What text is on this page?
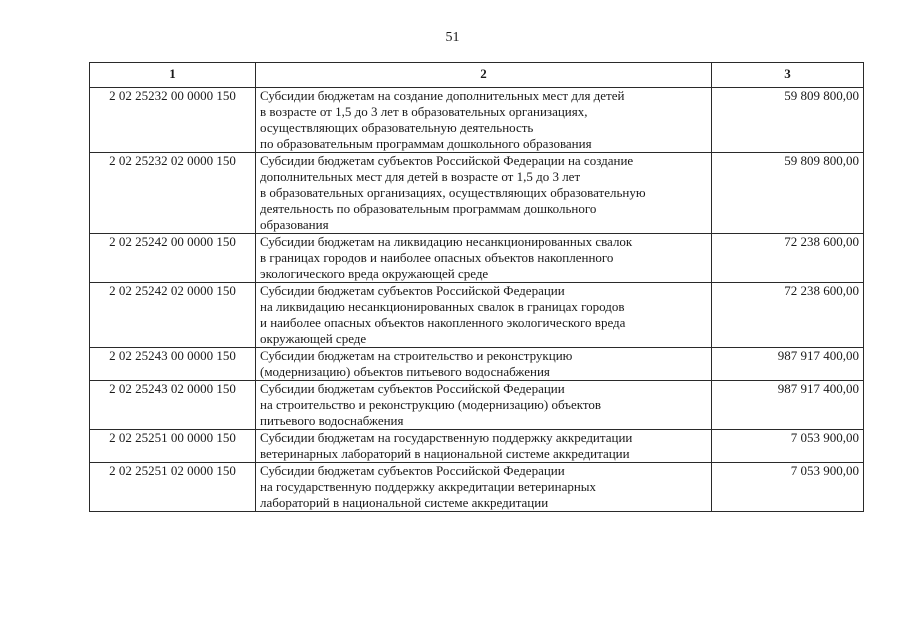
51
1	2	3
2 02 25232 00 0000 150	Субсидии бюджетам на создание дополнительных мест для детей
в возрасте от 1,5 до 3 лет в образовательных организациях,
осуществляющих образовательную деятельность
по образовательным программам дошкольного образования	59 809 800,00
2 02 25232 02 0000 150	Субсидии бюджетам субъектов Российской Федерации на создание
дополнительных мест для детей в возрасте от 1,5 до 3 лет
в образовательных организациях, осуществляющих образовательную
деятельность по образовательным программам дошкольного
образования	59 809 800,00
2 02 25242 00 0000 150	Субсидии бюджетам на ликвидацию несанкционированных свалок
в границах городов и наиболее опасных объектов накопленного
экологического вреда окружающей среде	72 238 600,00
2 02 25242 02 0000 150	Субсидии бюджетам субъектов Российской Федерации
на ликвидацию несанкционированных свалок в границах городов
и наиболее опасных объектов накопленного экологического вреда
окружающей среде	72 238 600,00
2 02 25243 00 0000 150	Субсидии бюджетам на строительство и реконструкцию
(модернизацию) объектов питьевого водоснабжения	987 917 400,00
2 02 25243 02 0000 150	Субсидии бюджетам субъектов Российской Федерации
на строительство и реконструкцию (модернизацию) объектов
питьевого водоснабжения	987 917 400,00
2 02 25251 00 0000 150	Субсидии бюджетам на государственную поддержку аккредитации
ветеринарных лабораторий в национальной системе аккредитации	7 053 900,00
2 02 25251 02 0000 150	Субсидии бюджетам субъектов Российской Федерации
на государственную поддержку аккредитации ветеринарных
лабораторий в национальной системе аккредитации	7 053 900,00
